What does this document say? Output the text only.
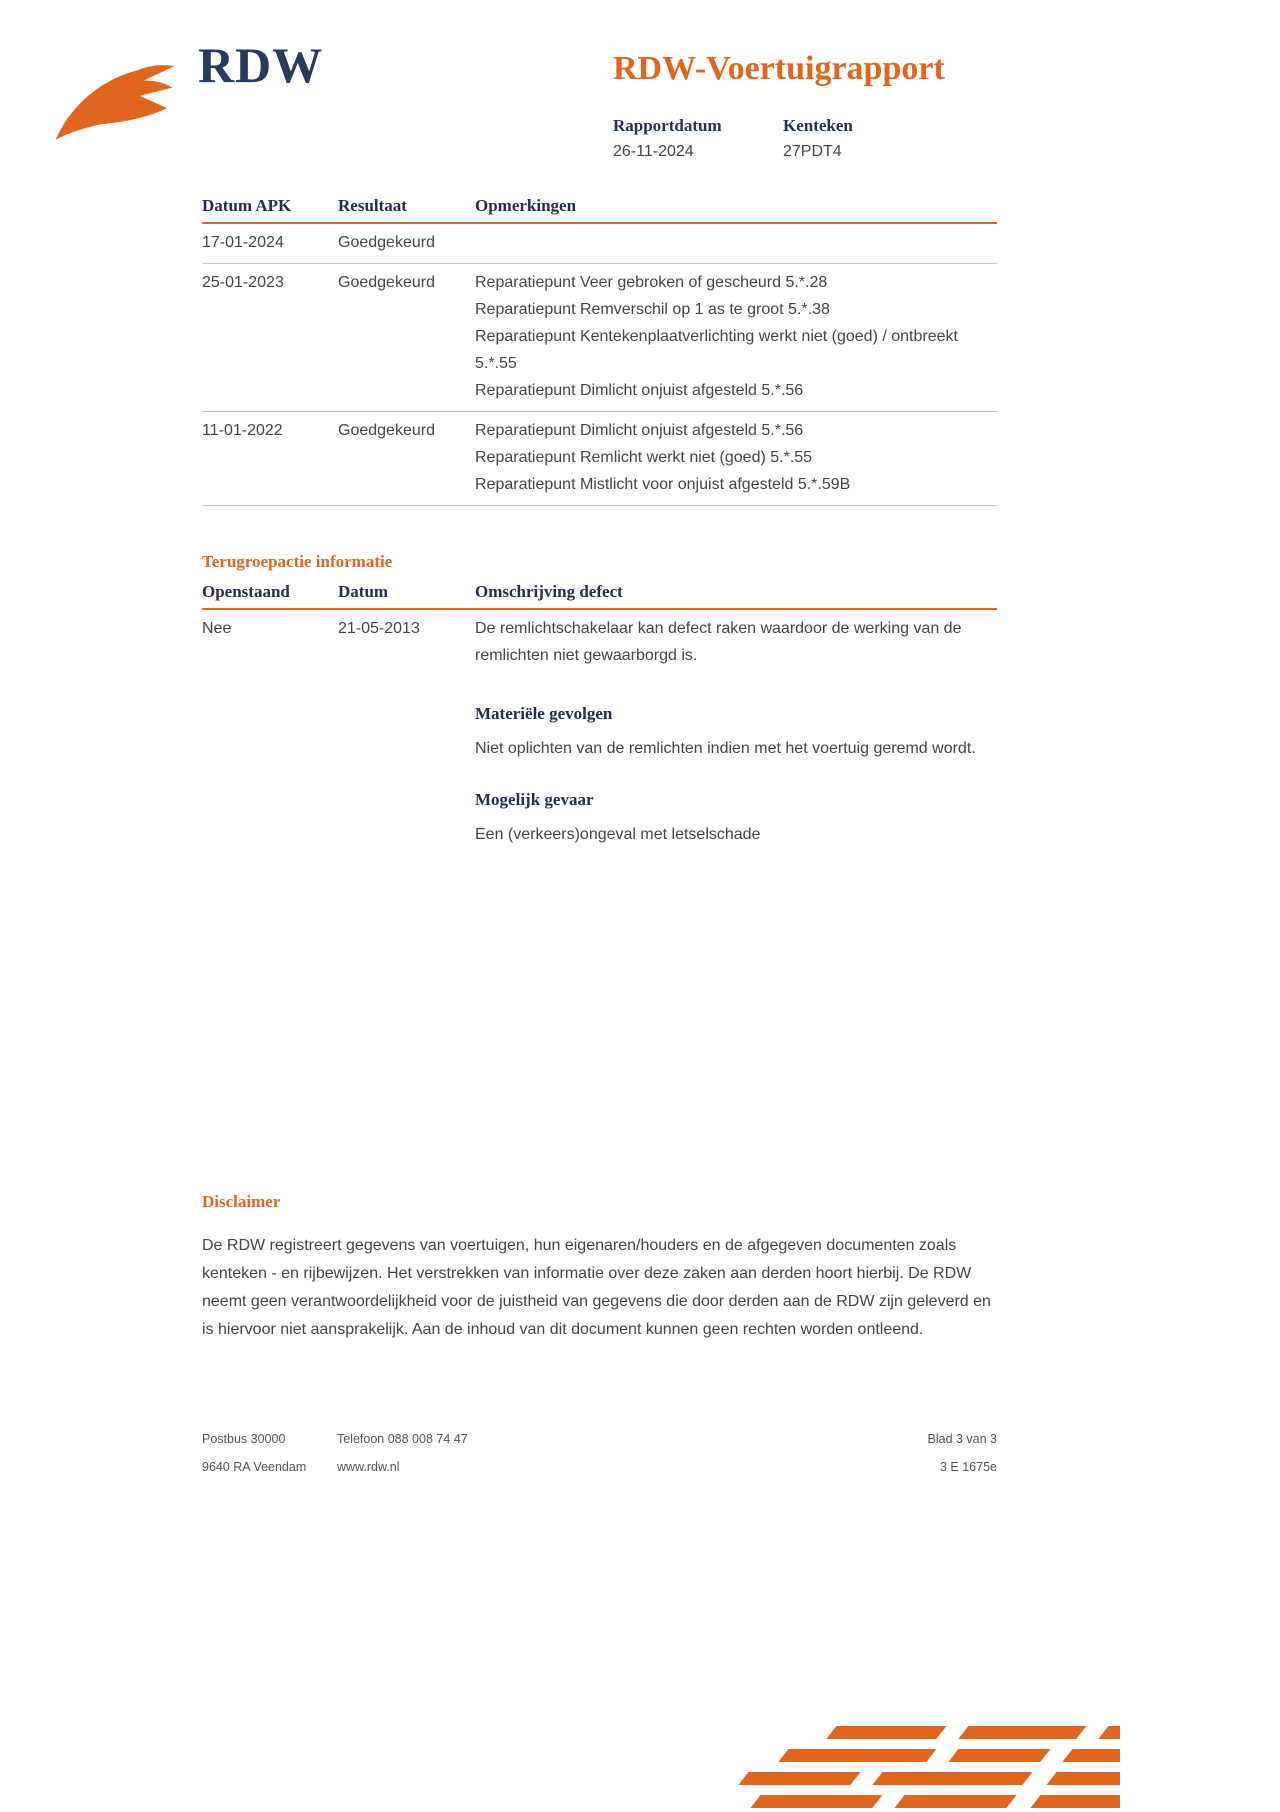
RDW	RDW-Voertuigrapport
Rapportdatum
26-11-2024
Kenteken
27PDT4
Datum APK	Resultaat	Opmerkingen
17-01-2024	Goedgekeurd
25-01-2023	Goedgekeurd	Reparatiepunt Veer gebroken of gescheurd 5.*.28
Reparatiepunt Remverschil op 1 as te groot 5.*.38
Reparatiepunt Kentekenplaatverlichting werkt niet (goed) / ontbreekt 5.*.55
Reparatiepunt Dimlicht onjuist afgesteld 5.*.56
11-01-2022	Goedgekeurd	Reparatiepunt Dimlicht onjuist afgesteld 5.*.56
Reparatiepunt Remlicht werkt niet (goed) 5.*.55
Reparatiepunt Mistlicht voor onjuist afgesteld 5.*.59B
Terugroepactie informatie
Openstaand	Datum	Omschrijving defect
Nee	21-05-2013	De remlichtschakelaar kan defect raken waardoor de werking van de remlichten niet gewaarborgd is.
Materiële gevolgen
Niet oplichten van de remlichten indien met het voertuig geremd wordt.
Mogelijk gevaar
Een (verkeers)ongeval met letselschade
Disclaimer
De RDW registreert gegevens van voertuigen, hun eigenaren/houders en de afgegeven documenten zoals kenteken - en rijbewijzen. Het verstrekken van informatie over deze zaken aan derden hoort hierbij. De RDW neemt geen verantwoordelijkheid voor de juistheid van gegevens die door derden aan de RDW zijn geleverd en is hiervoor niet aansprakelijk. Aan de inhoud van dit document kunnen geen rechten worden ontleend.
Postbus 30000	Telefoon 088 008 74 47	Blad 3 van 3
9640 RA Veendam	www.rdw.nl	3 E 1675e
